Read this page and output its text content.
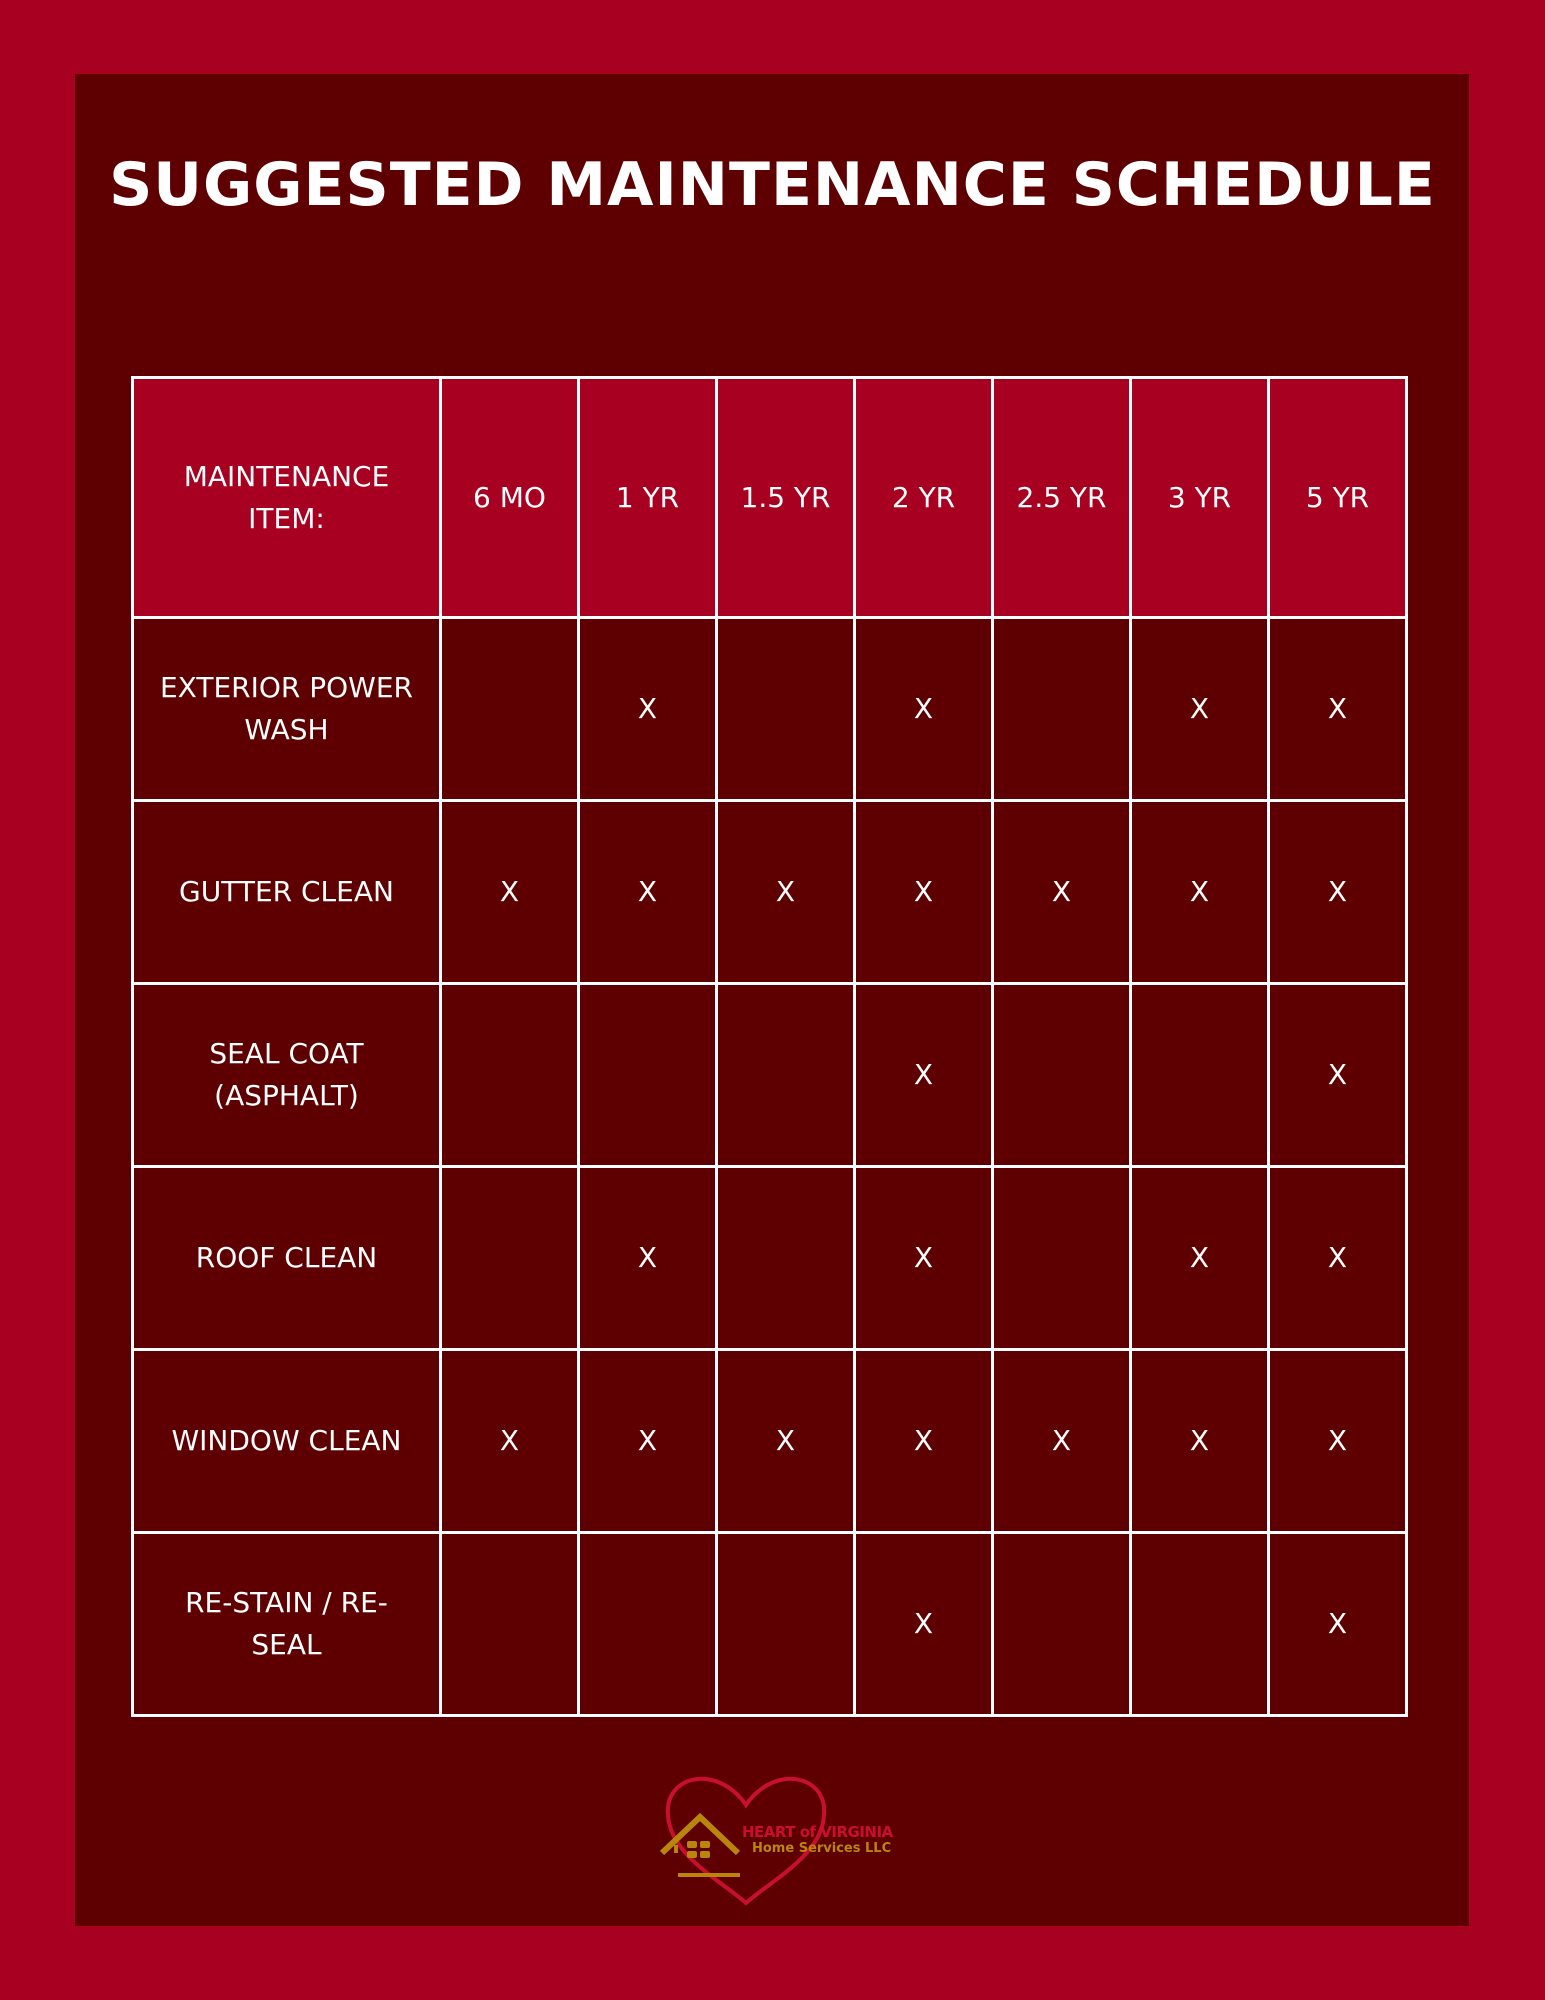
SUGGESTED MAINTENANCE SCHEDULE
MAINTENANCE ITEM:	6 MO	1 YR	1.5 YR	2 YR	2.5 YR	3 YR	5 YR
EXTERIOR POWER WASH		X		X		X	X
GUTTER CLEAN	X	X	X	X	X	X	X
SEAL COAT (ASPHALT)				X			X
ROOF CLEAN		X		X		X	X
WINDOW CLEAN	X	X	X	X	X	X	X
RE-STAIN / RE-SEAL				X			X
HEART of VIRGINIA
Home Services LLC
